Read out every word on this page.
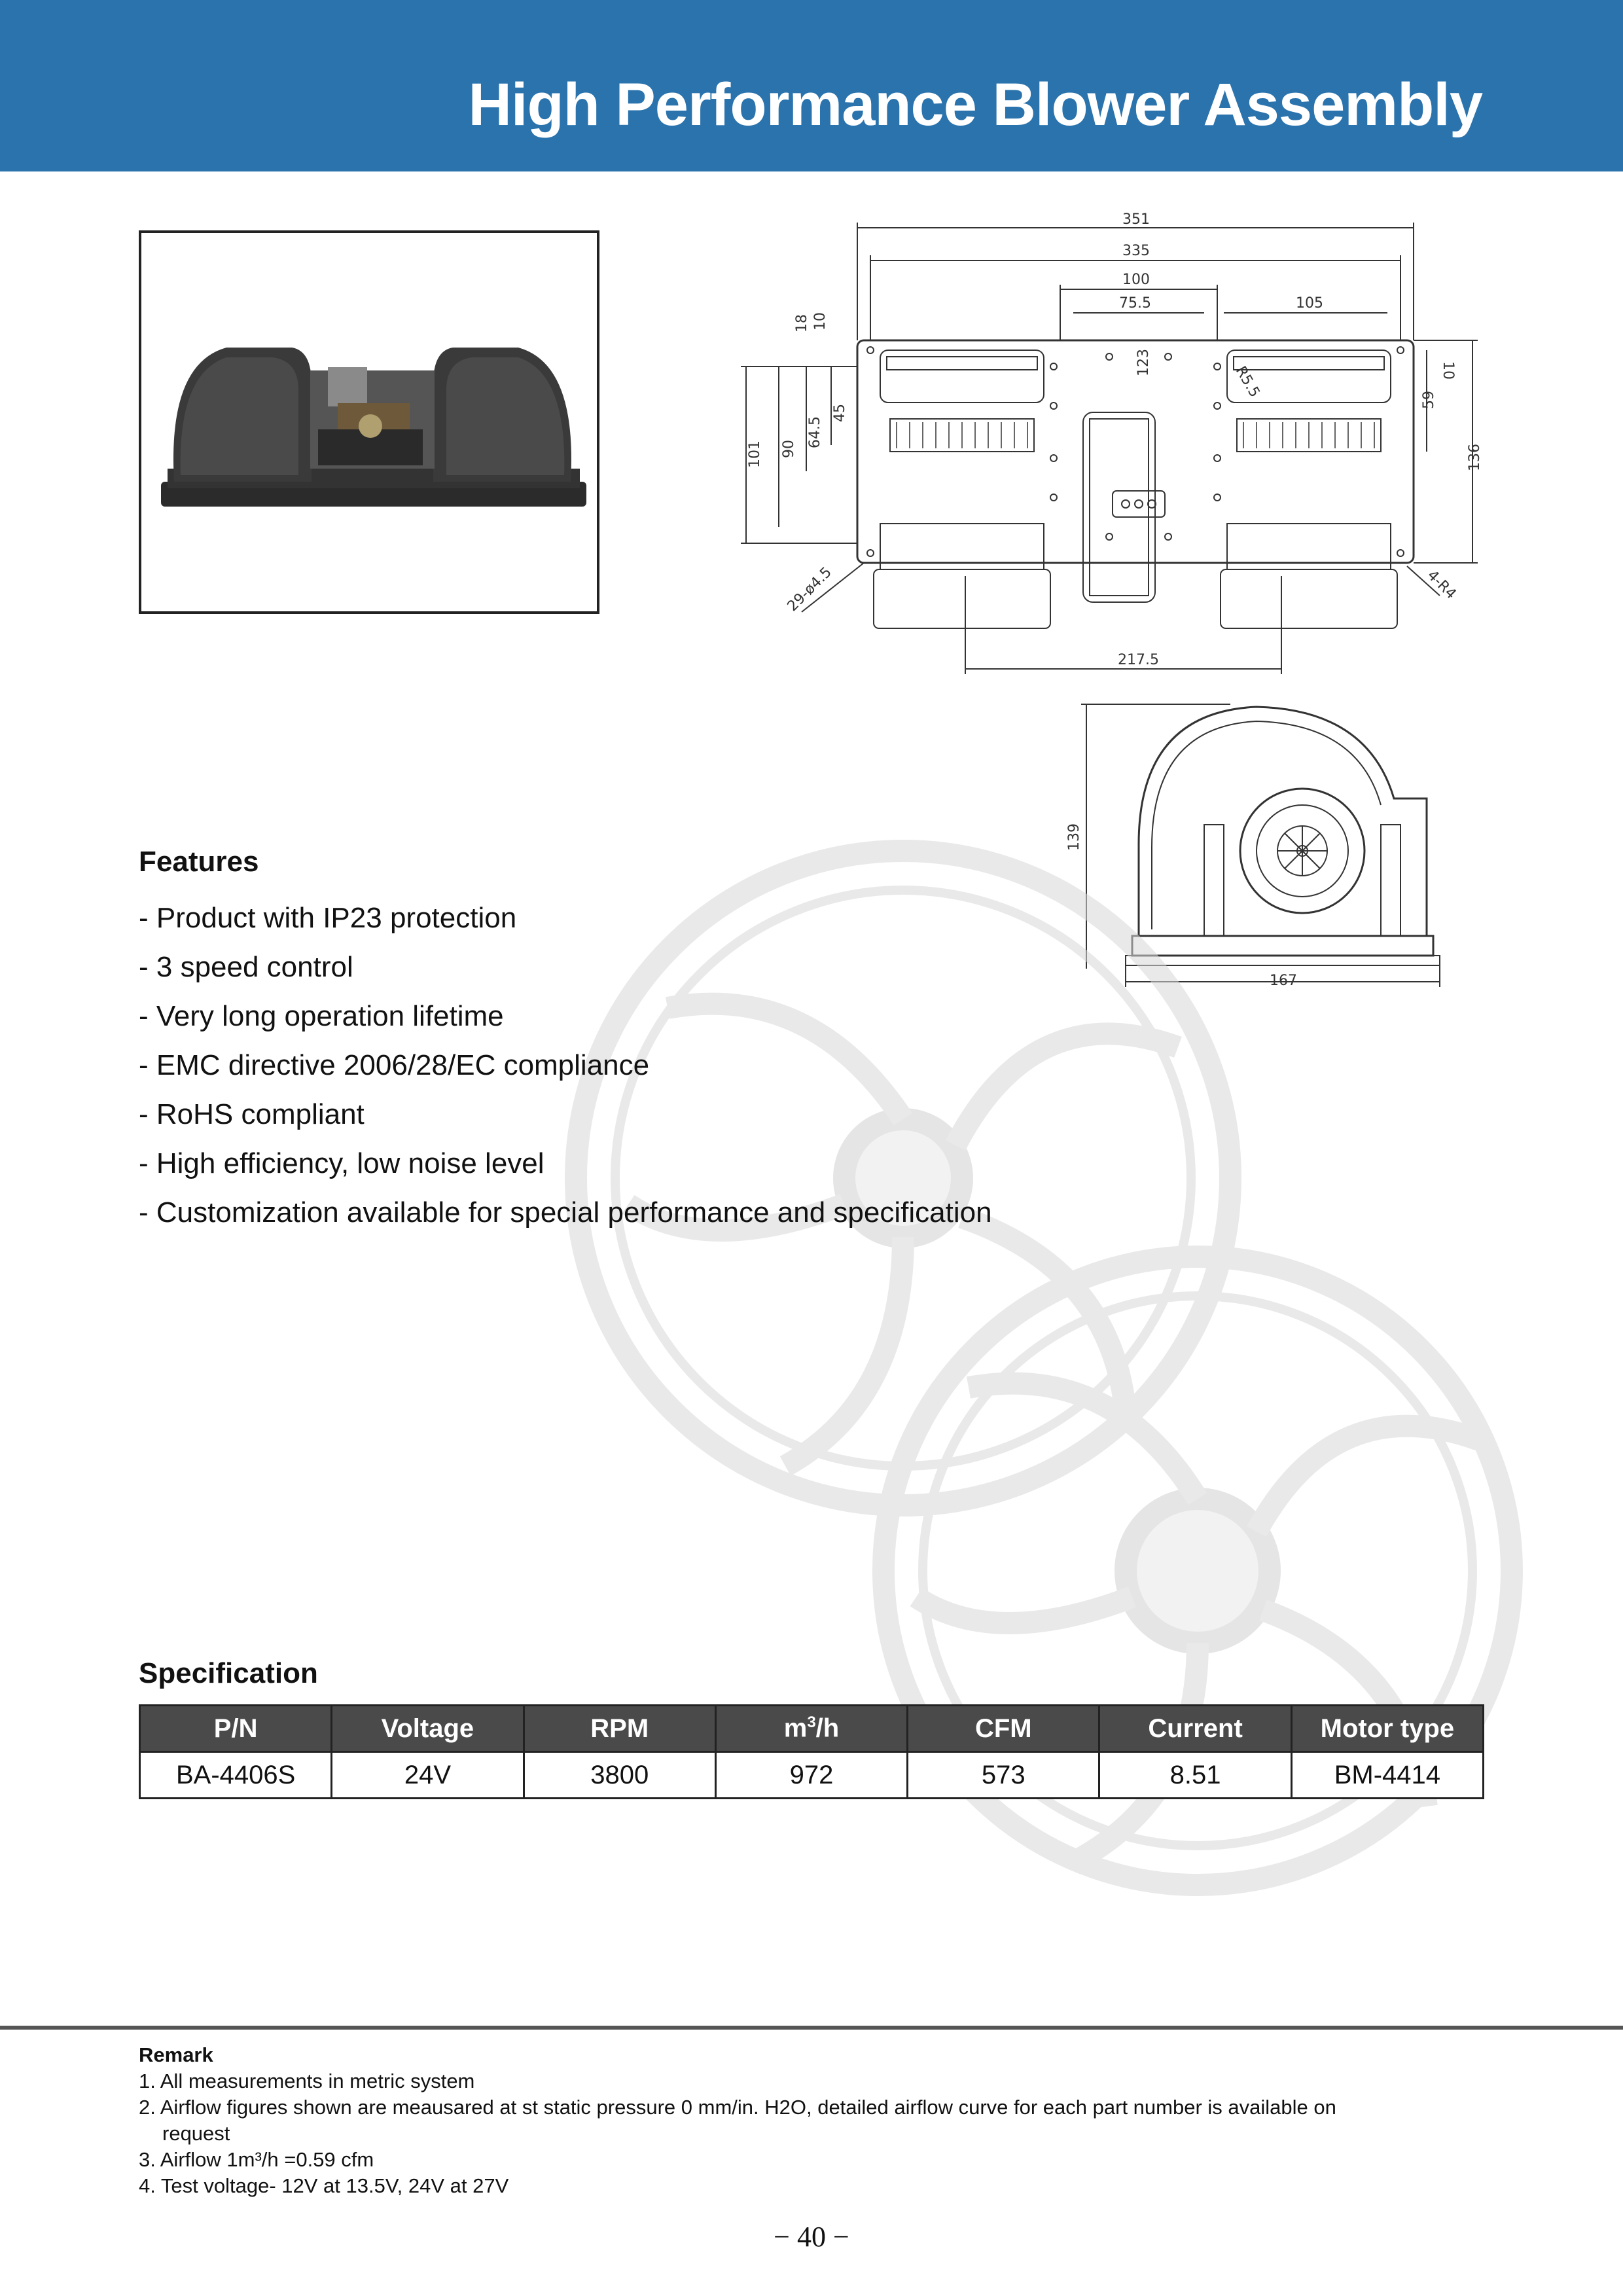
High Performance Blower Assembly
351
335
100
75.5	105
18 10
10
101 90
64.5
45
123
R5.5	59
136
29-ø4.5	4-R4
217.5
139
167
Features
- Product with IP23 protection
- 3 speed control
- Very long operation lifetime
- EMC directive 2006/28/EC compliance
- RoHS compliant
- High efficiency, low noise level
- Customization available for special performance and specification
Specification
P/N	Voltage	RPM	$m^3/h$	CFM	Current	Motor type
BA-4406S	24V	3800	972	573	8.51	BM-4414

Remark

1. All measurements in metric system

2. Airflow figures shown are meausared at st static pressure 0 mm/in. H2O, detailed airflow curve for each part number is available on

request

3. Airflow 1m³/h =0.59 cfm

4. Test voltage- 12V at 13.5V, 24V at 27V

− 40 −
